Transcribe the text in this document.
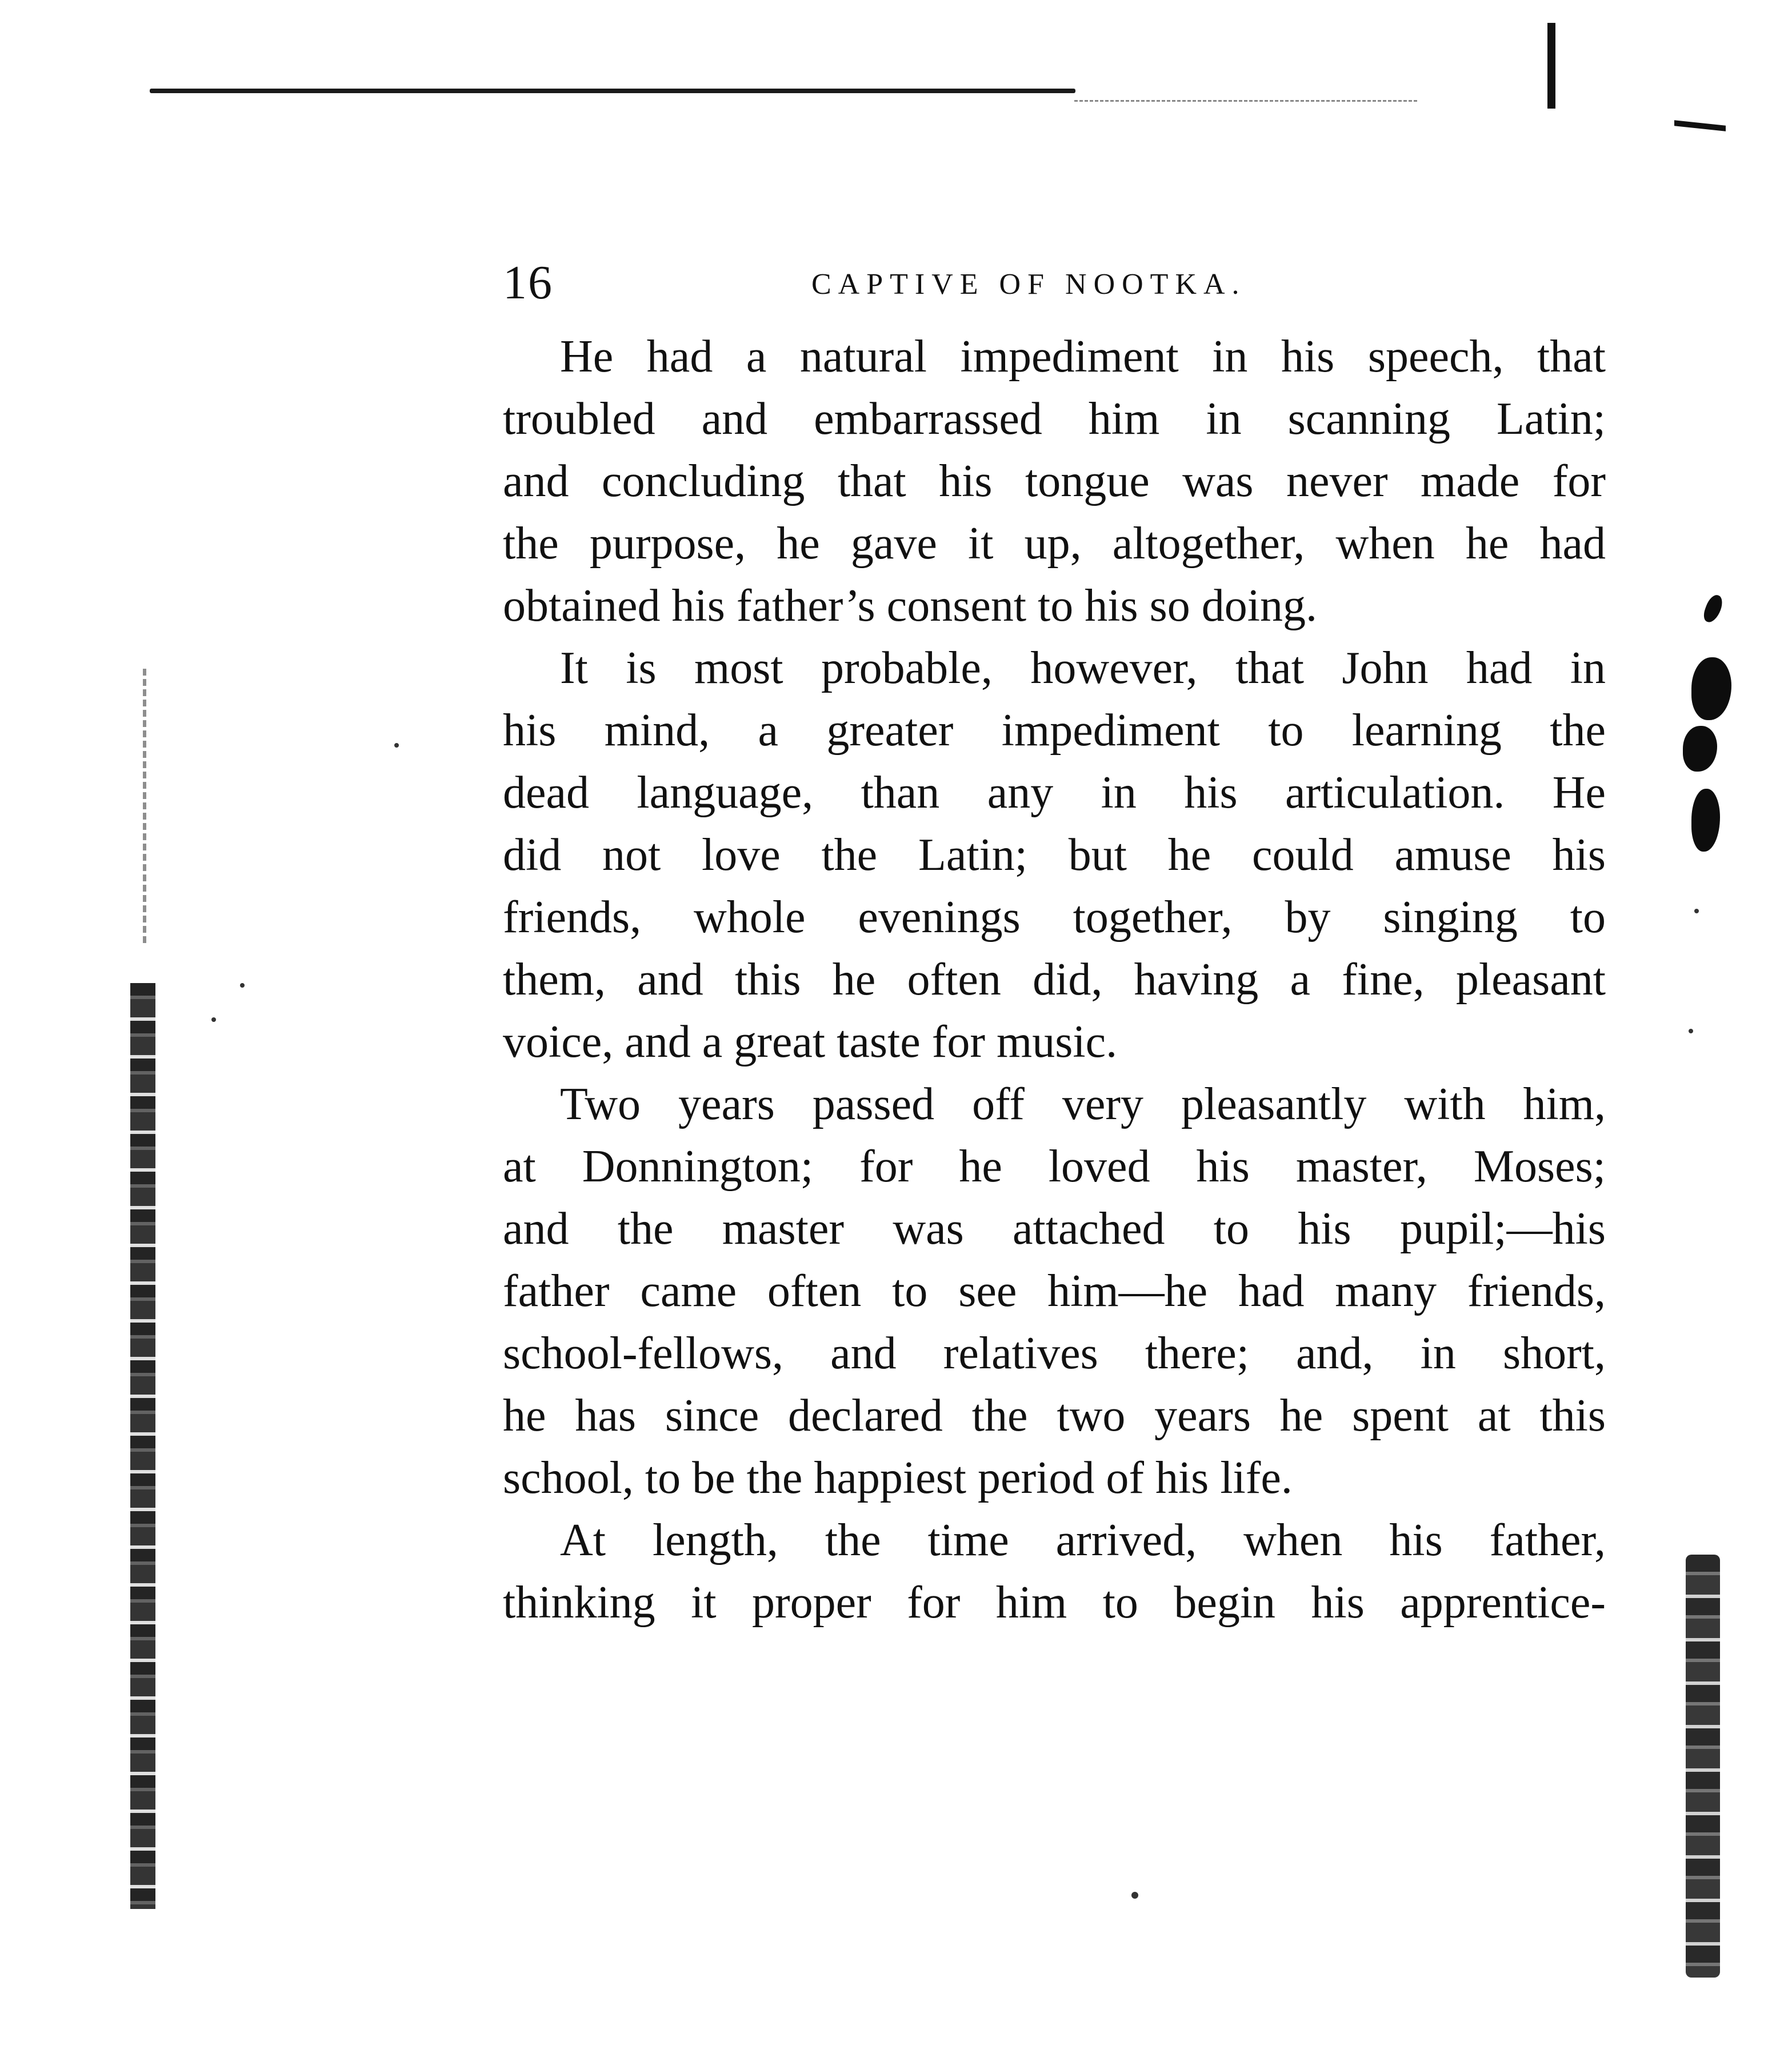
16	CAPTIVE OF NOOTKA.

He had a natural impediment in his speech, that
troubled and embarrassed him in scanning Latin;
and concluding that his tongue was never made for
the purpose, he gave it up, altogether, when he had
obtained his father’s consent to his so doing.

It is most probable, however, that John had in
his mind, a greater impediment to learning the
dead language, than any in his articulation. He
did not love the Latin; but he could amuse his
friends, whole evenings together, by singing to
them, and this he often did, having a fine, pleasant
voice, and a great taste for music.

Two years passed off very pleasantly with him,
at Donnington; for he loved his master, Moses;
and the master was attached to his pupil;—his
father came often to see him—he had many friends,
school-fellows, and relatives there; and, in short,
he has since declared the two years he spent at this
school, to be the happiest period of his life.

At length, the time arrived, when his father,
thinking it proper for him to begin his apprentice-
